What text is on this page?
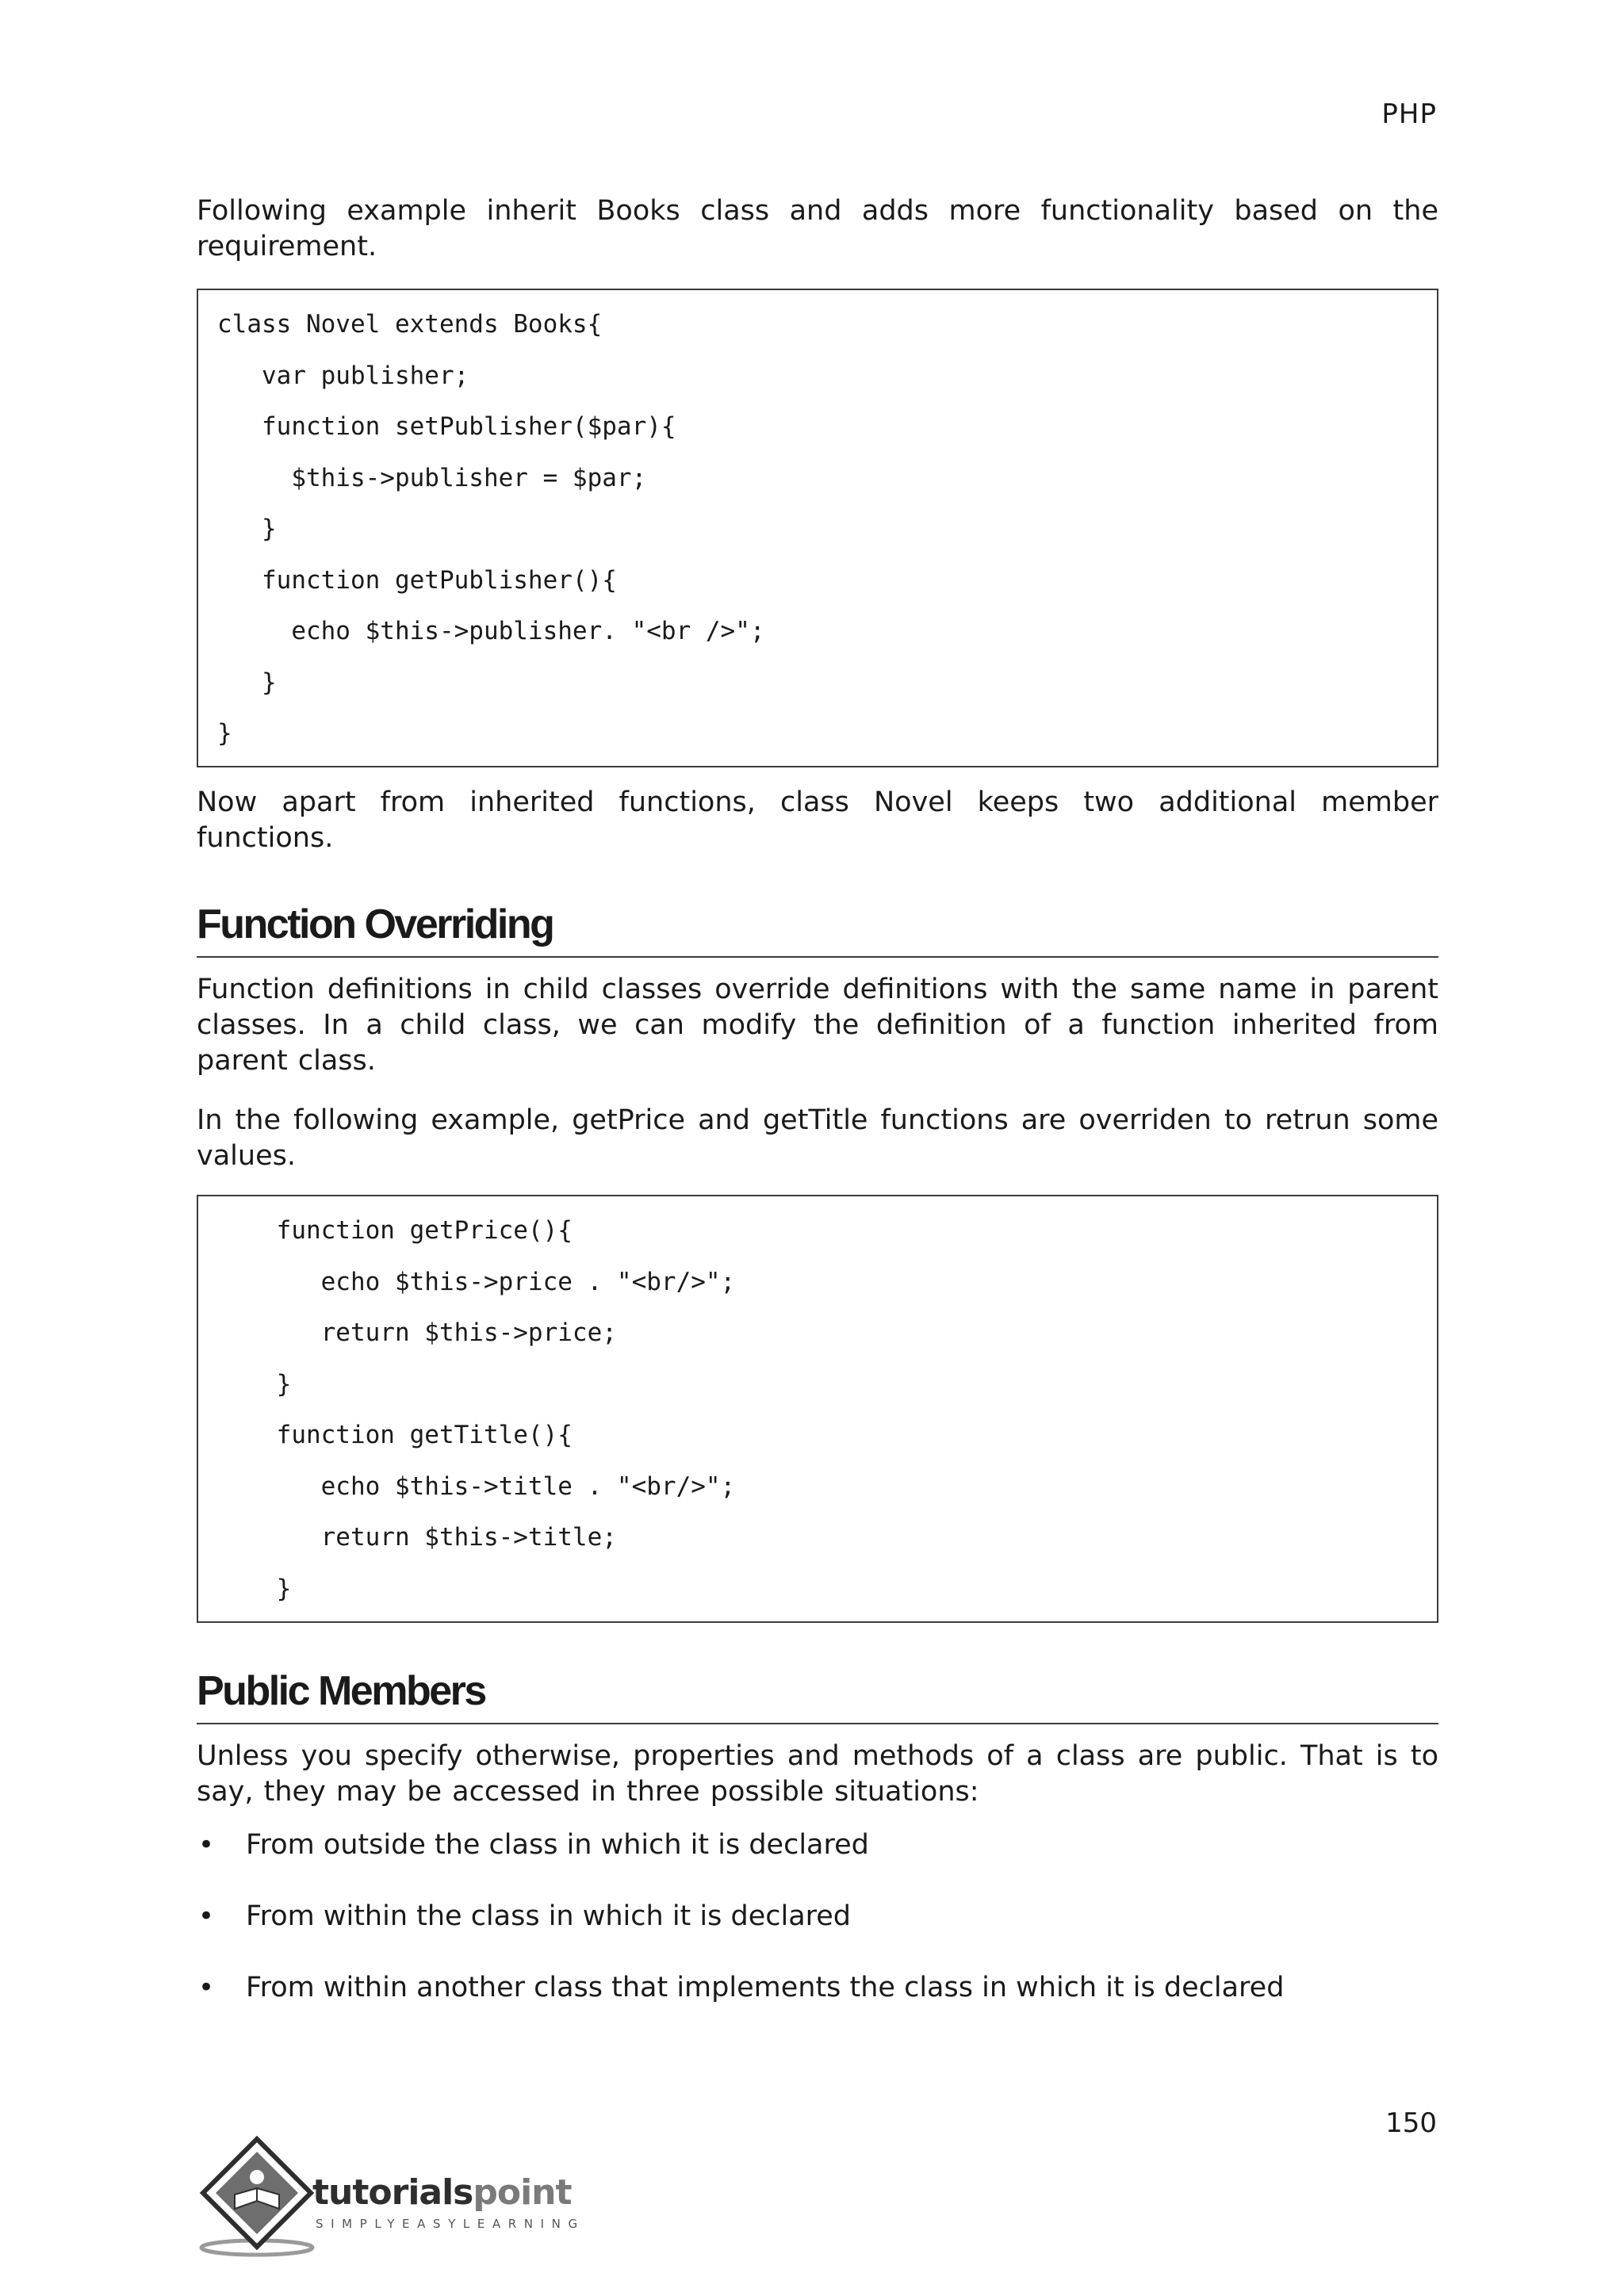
PHP

Following example inherit Books class and adds more functionality based on the requirement.

class Novel extends Books{
var publisher;
function setPublisher($par){
$this->publisher = $par;
}
function getPublisher(){
echo $this->publisher. "<br />";
}
}

Now apart from inherited functions, class Novel keeps two additional member functions.

Function Overriding

Function definitions in child classes override definitions with the same name in parent classes. In a child class, we can modify the definition of a function inherited from parent class.

In the following example, getPrice and getTitle functions are overriden to retrun some values.

function getPrice(){
echo $this->price . "<br/>";
return $this->price;
}
function getTitle(){
echo $this->title . "<br/>";
return $this->title;
}
Public Members

Unless you specify otherwise, properties and methods of a class are public. That is to say, they may be accessed in three possible situations:

• From outside the class in which it is declared
• From within the class in which it is declared
• From within another class that implements the class in which it is declared
150
tutorialspoint
SIMPLYEASYLEARNING
